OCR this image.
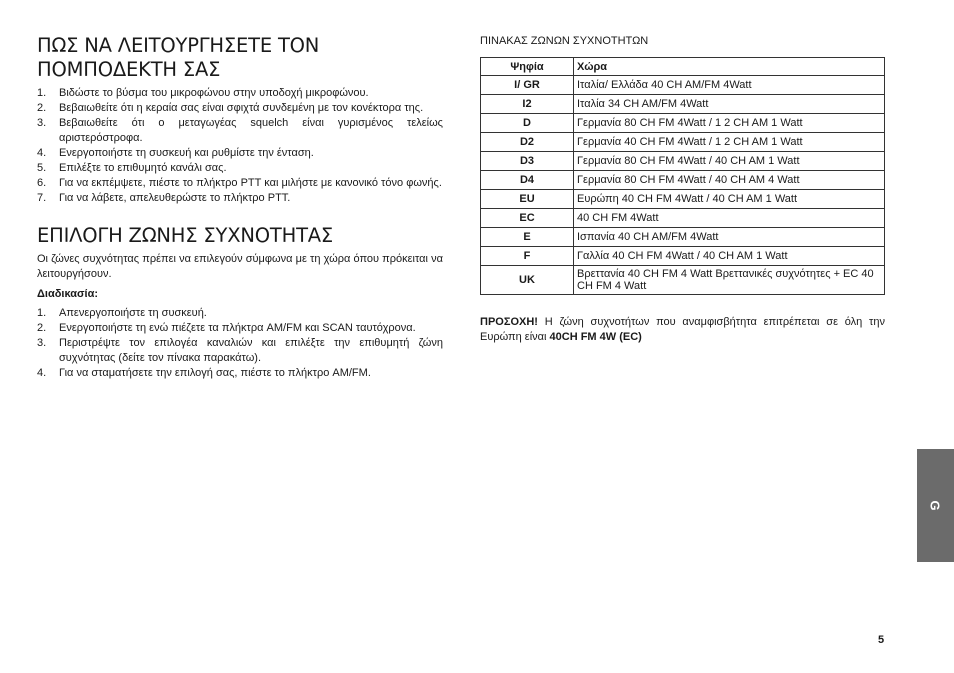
ΠΩΣ ΝΑ ΛΕΙΤΟΥΡΓΗΣΕΤΕ ΤΟΝ ΠΟΜΠΟΔΕΚΤΗ ΣΑΣ
1. Βιδώστε το βύσμα του μικροφώνου στην υποδοχή μικροφώνου.
2. Βεβαιωθείτε ότι η κεραία σας είναι σφιχτά συνδεμένη με τον κονέκτορα της.
3. Βεβαιωθείτε ότι ο μεταγωγέας squelch είναι γυρισμένος τελείως αριστερόστροφα.
4. Ενεργοποιήστε τη συσκευή και ρυθμίστε την ένταση.
5. Επιλέξτε το επιθυμητό κανάλι σας.
6. Για να εκπέμψετε, πιέστε το πλήκτρο PTT και μιλήστε με κανονικό τόνο φωνής.
7. Για να λάβετε, απελευθερώστε το πλήκτρο PTT.
ΕΠΙΛΟΓΗ ΖΩΝΗΣ ΣΥΧΝΟΤΗΤΑΣ

Οι ζώνες συχνότητας πρέπει να επιλεγούν σύμφωνα με τη χώρα όπου πρόκειται να λειτουργήσουν.

Διαδικασία:

1. Απενεργοποιήστε τη συσκευή.
2. Ενεργοποιήστε τη ενώ πιέζετε τα πλήκτρα AM/FM και SCAN ταυτόχρονα.
3. Περιστρέψτε τον επιλογέα καναλιών και επιλέξτε την επιθυμητή ζώνη συχνότητας (δείτε τον πίνακα παρακάτω).
4. Για να σταματήσετε την επιλογή σας, πιέστε το πλήκτρο AM/FM.
ΠΙΝΑΚΑΣ ΖΩΝΩΝ ΣΥΧΝΟΤΗΤΩΝ
Ψηφία	Χώρα
I/ GR	Ιταλία/ Ελλάδα 40 CH AM/FM 4Watt
I2	Ιταλία 34 CH AM/FM 4Watt
D	Γερμανία 80 CH FM 4Watt / 1 2 CH AM 1 Watt
D2	Γερμανία 40 CH FM 4Watt / 1 2 CH AM 1 Watt
D3	Γερμανία 80 CH FM 4Watt / 40 CH AM 1 Watt
D4	Γερμανία 80 CH FM 4Watt / 40 CH AM 4 Watt
EU	Ευρώπη 40 CH FM 4Watt / 40 CH AM 1 Watt
EC	40 CH FM 4Watt
E	Ισπανία 40 CH AM/FM 4Watt
F	Γαλλία 40 CH FM 4Watt / 40 CH AM 1 Watt
UK	Βρεττανία 40 CH FM 4 Watt Βρεττανικές συχνότητες + EC 40 CH FM 4 Watt

ΠΡΟΣΟΧΗ! Η ζώνη συχνοτήτων που αναμφισβήτητα επιτρέπεται σε όλη την Ευρώπη είναι 40CH FM 4W (EC)

G
5
